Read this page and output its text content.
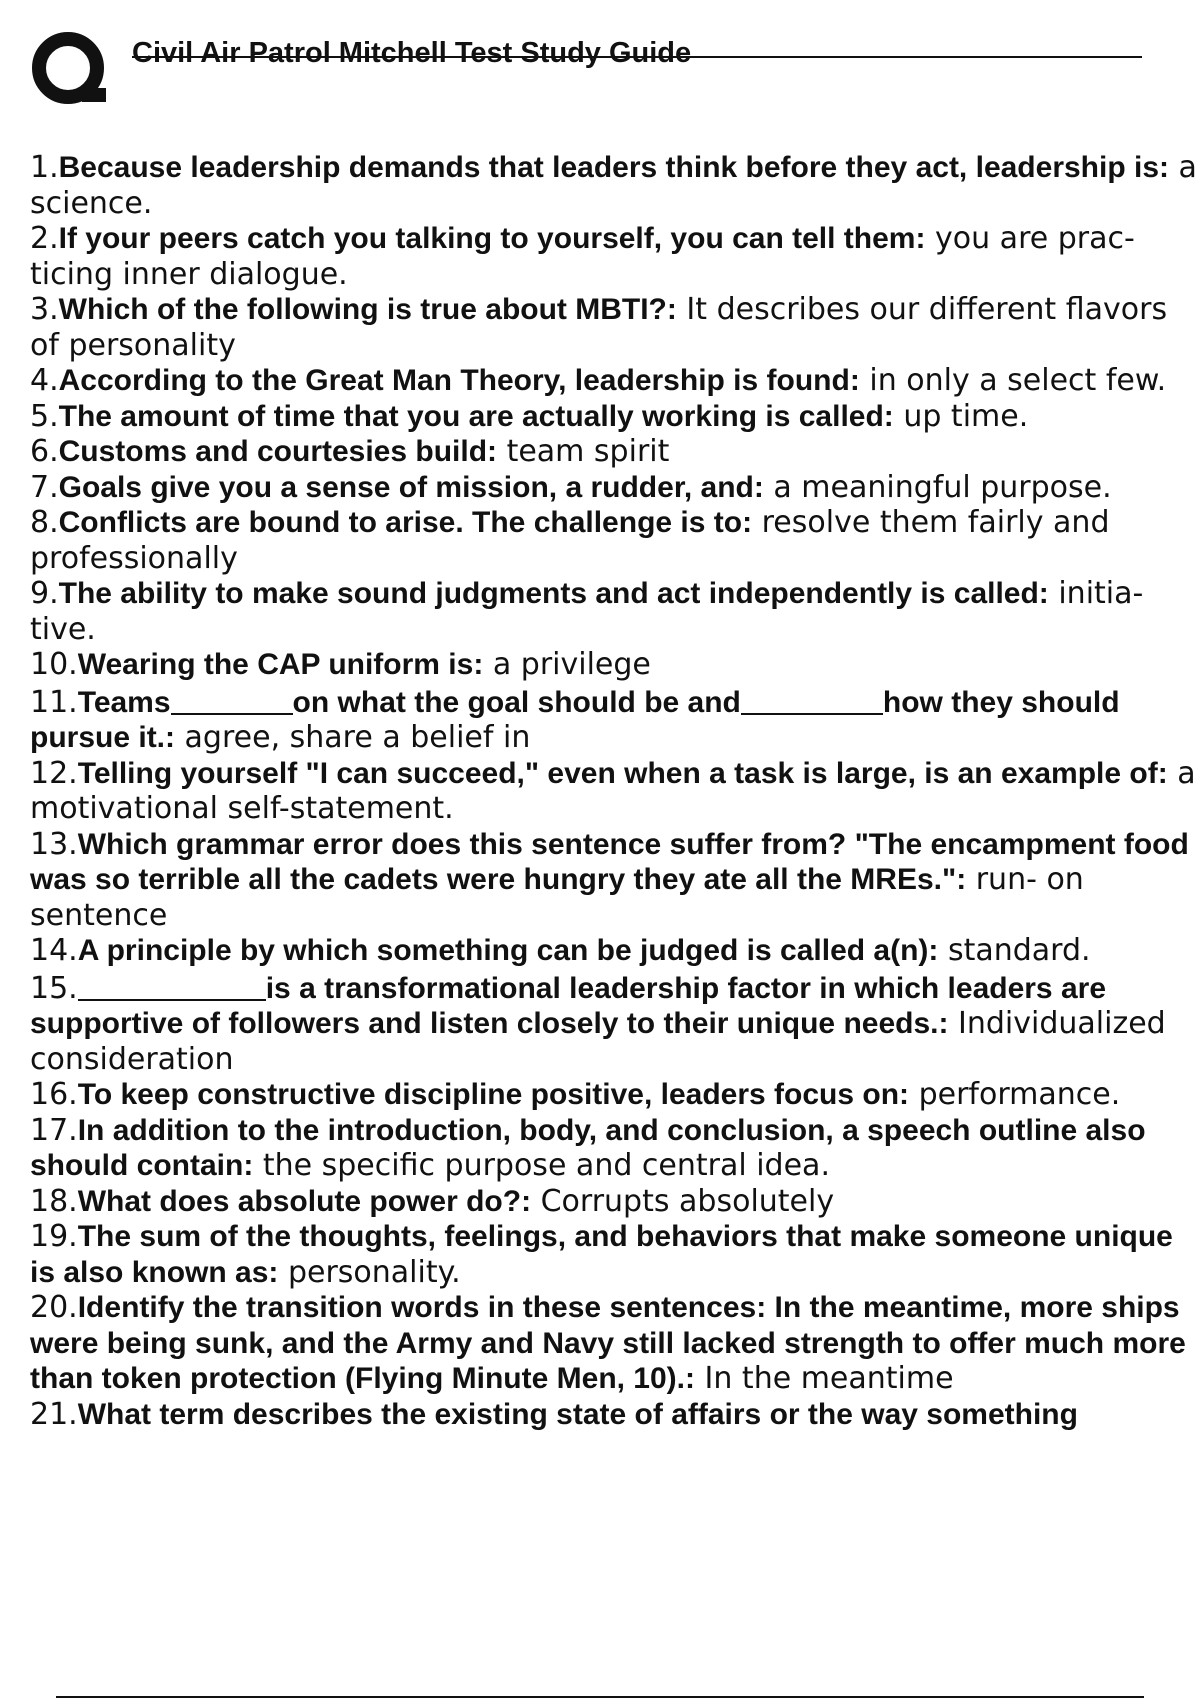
Civil Air Patrol Mitchell Test Study Guide
1.Because leadership demands that leaders think before they act, leadership is: a science.
2.If your peers catch you talking to yourself, you can tell them: you are prac- ticing inner dialogue.
3.Which of the following is true about MBTI?: It describes our different flavors of personality
4.According to the Great Man Theory, leadership is found: in only a select few.
5.The amount of time that you are actually working is called: up time.
6.Customs and courtesies build: team spirit
7.Goals give you a sense of mission, a rudder, and: a meaningful purpose.
8.Conflicts are bound to arise. The challenge is to: resolve them fairly and professionally
9.The ability to make sound judgments and act independently is called: initia- tive.
10.Wearing the CAP uniform is: a privilege
11.Teams	on what the goal should be and	how they should pursue it.: agree, share a belief in
12.Telling yourself "I can succeed," even when a task is large, is an example of: a motivational self-statement.
13.Which grammar error does this sentence suffer from? "The encampment food was so terrible all the cadets were hungry they ate all the MREs.": run- on sentence
14.A principle by which something can be judged is called a(n): standard.
15.	is a transformational leadership factor in which leaders are supportive of followers and listen closely to their unique needs.: Individualized consideration
16.To keep constructive discipline positive, leaders focus on: performance.
17.In addition to the introduction, body, and conclusion, a speech outline also should contain: the specific purpose and central idea.
18.What does absolute power do?: Corrupts absolutely
19.The sum of the thoughts, feelings, and behaviors that make someone unique is also known as: personality.
20.Identify the transition words in these sentences: In the meantime, more ships were being sunk, and the Army and Navy still lacked strength to offer much more than token protection (Flying Minute Men, 10).: In the meantime
21.What term describes the existing state of affairs or the way something
